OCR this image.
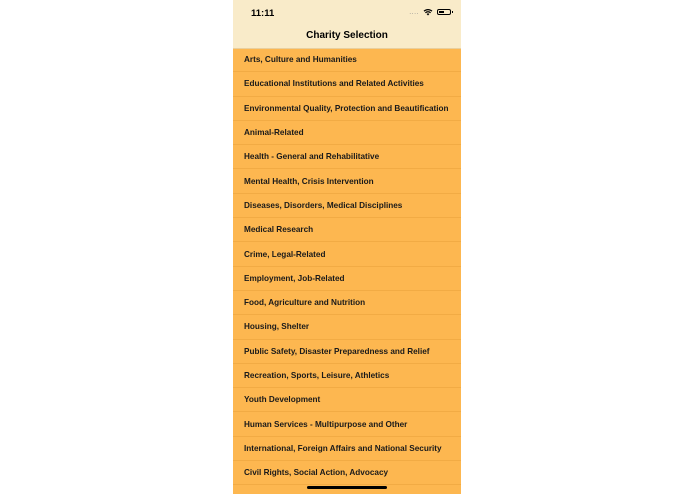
11:11	....
Charity Selection
Arts, Culture and Humanities
Educational Institutions and Related Activities
Environmental Quality, Protection and Beautification
Animal-Related
Health - General and Rehabilitative
Mental Health, Crisis Intervention
Diseases, Disorders, Medical Disciplines
Medical Research
Crime, Legal-Related
Employment, Job-Related
Food, Agriculture and Nutrition
Housing, Shelter
Public Safety, Disaster Preparedness and Relief
Recreation, Sports, Leisure, Athletics
Youth Development
Human Services - Multipurpose and Other
International, Foreign Affairs and National Security
Civil Rights, Social Action, Advocacy
